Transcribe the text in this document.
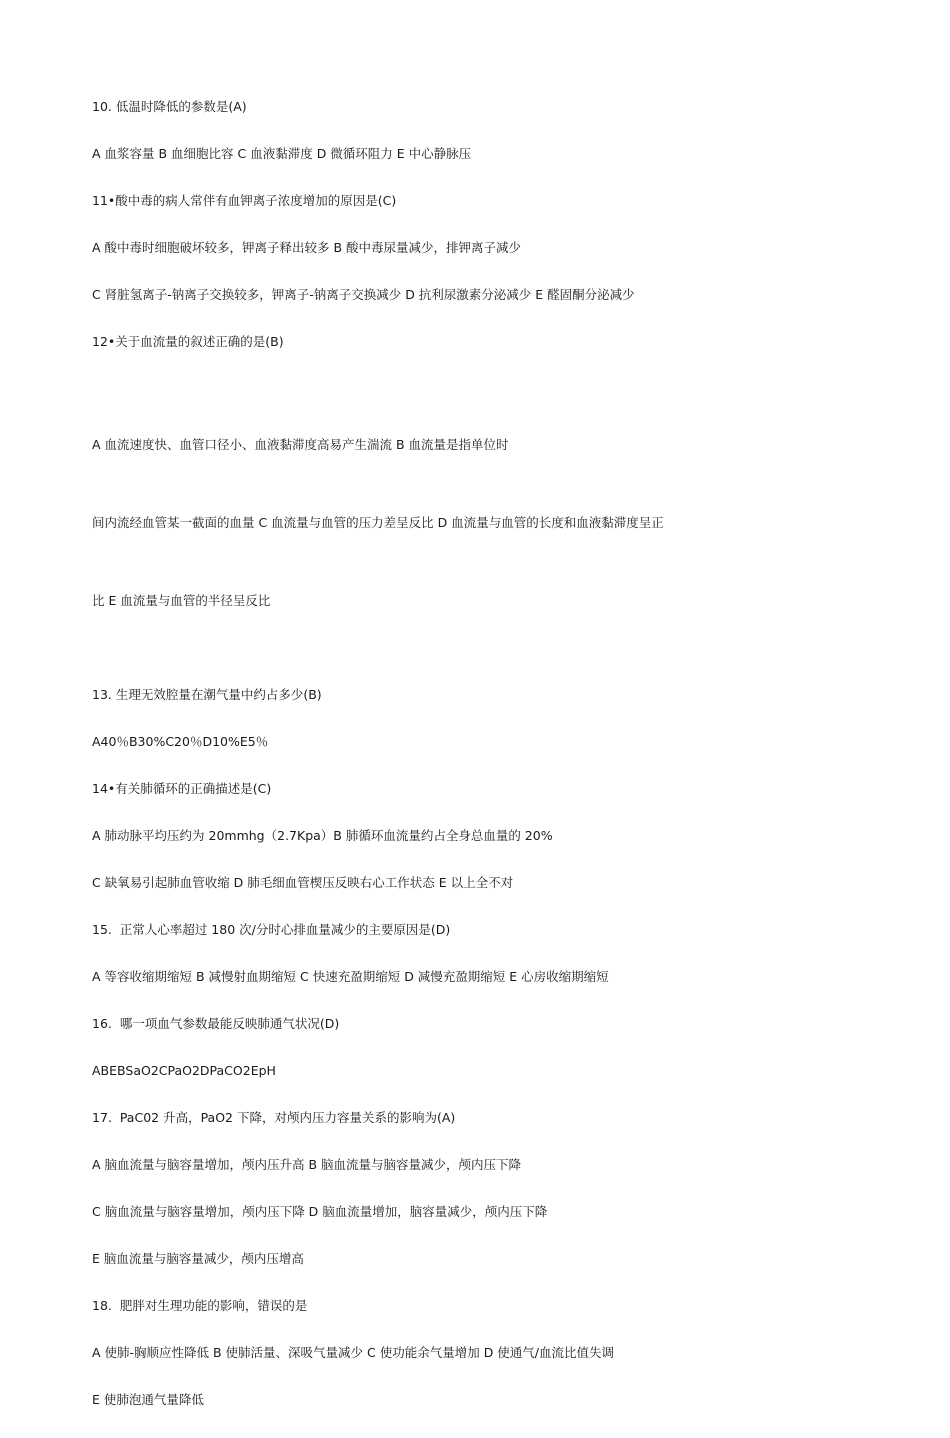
10. 低温时降低的参数是(A)

A 血浆容量 B 血细胞比容 C 血液黏滞度 D 微循环阻力 E 中心静脉压

11•酸中毒的病人常伴有血钾离子浓度增加的原因是(C)

A 酸中毒时细胞破坏较多，钾离子释出较多 B 酸中毒尿量减少，排钾离子减少

C 肾脏氢离子-钠离子交换较多，钾离子-钠离子交换减少 D 抗利尿激素分泌减少 E 醛固酮分泌减少

12•关于血流量的叙述正确的是(B)

A 血流速度快、血管口径小、血液黏滞度高易产生湍流 B 血流量是指单位时

间内流经血管某一截面的血量 C 血流量与血管的压力差呈反比 D 血流量与血管的长度和血液黏滞度呈正

比 E 血流量与血管的半径呈反比

13. 生理无效腔量在潮气量中约占多少(B)

A40％B30%C20％D10%E5％

14•有关肺循环的正确描述是(C)

A 肺动脉平均压约为 20mmhg（2.7Kpa）B 肺循环血流量约占全身总血量的 20%

C 缺氧易引起肺血管收缩 D 肺毛细血管楔压反映右心工作状态 E 以上全不对

15.  正常人心率超过 180 次/分时心排血量减少的主要原因是(D)

A 等容收缩期缩短 B 减慢射血期缩短 C 快速充盈期缩短 D 减慢充盈期缩短 E 心房收缩期缩短

16.  哪一项血气参数最能反映肺通气状况(D)

ABEBSaO2CPaO2DPaCO2EpH

17.  PaC02 升高，PaO2 下降，对颅内压力容量关系的影响为(A)

A 脑血流量与脑容量增加，颅内压升高 B 脑血流量与脑容量减少，颅内压下降

C 脑血流量与脑容量增加，颅内压下降 D 脑血流量增加，脑容量减少，颅内压下降

E 脑血流量与脑容量减少，颅内压增高

18.  肥胖对生理功能的影响，错误的是

A 使肺-胸顺应性降低 B 使肺活量、深吸气量减少 C 使功能余气量增加 D 使通气/血流比值失调

E 使肺泡通气量降低
